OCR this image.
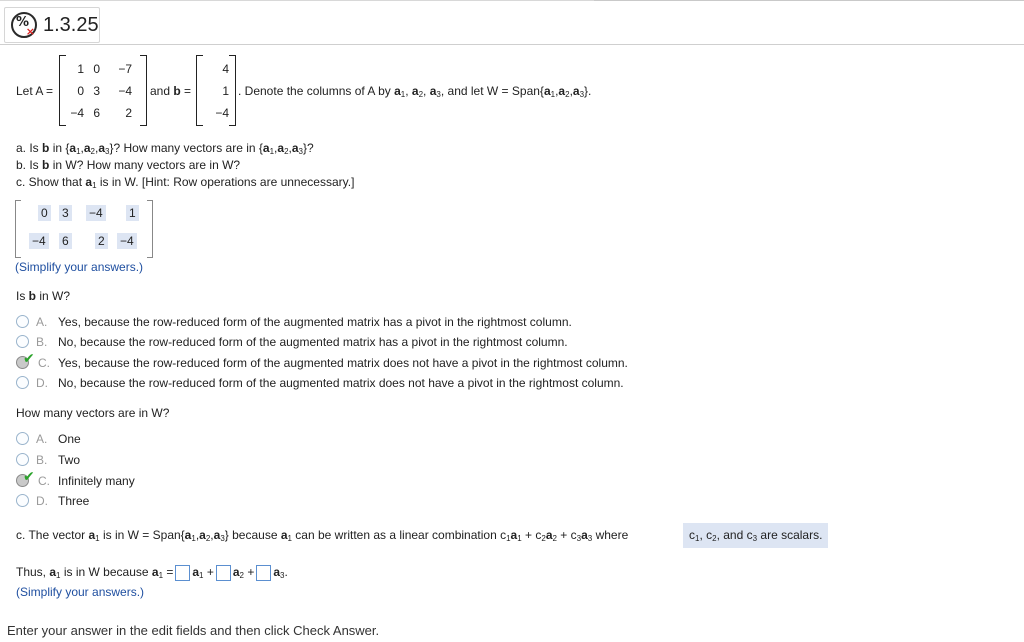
%
× 1.3.25
Let A =
1 0	−7
0 3	−4
−4 6	2
and b =
4
1
−4
. Denote the columns of A by $a_1$, $a_2$, $a_3$, and let $W = Span\{a_1,a_2,a_3\}$.
a. Is b in $\{a_1,a_2,a_3\}$? How many vectors are in $\{a_1,a_2,a_3\}$?
b. Is b in W? How many vectors are in W?
c. Show that $a_1$ is in W. [Hint: Row operations are unnecessary.]
0 3 −4 1
−4 6 2 −4
(Simplify your answers.)
Is b in W?
A. Yes, because the row-reduced form of the augmented matrix has a pivot in the rightmost column.
B. No, because the row-reduced form of the augmented matrix has a pivot in the rightmost column.
✔ C. Yes, because the row-reduced form of the augmented matrix does not have a pivot in the rightmost column.
D. No, because the row-reduced form of the augmented matrix does not have a pivot in the rightmost column.
How many vectors are in W?
A. One
B. Two
✔ C. Infinitely many
D. Three
c. The vector $a_1$ is in $W = Span\{a_1,a_2,a_3\}$ because $a_1$ can be written as a linear combination $c_1a_1 + c_2a_2 + c_3a_3$ where	$c_1$, $c_2$, and $c_3$ are scalars.
Thus, $a_1$ is in W because $a_1 = a_1 + a_2 + a_3$.
(Simplify your answers.)
Enter your answer in the edit fields and then click Check Answer.
